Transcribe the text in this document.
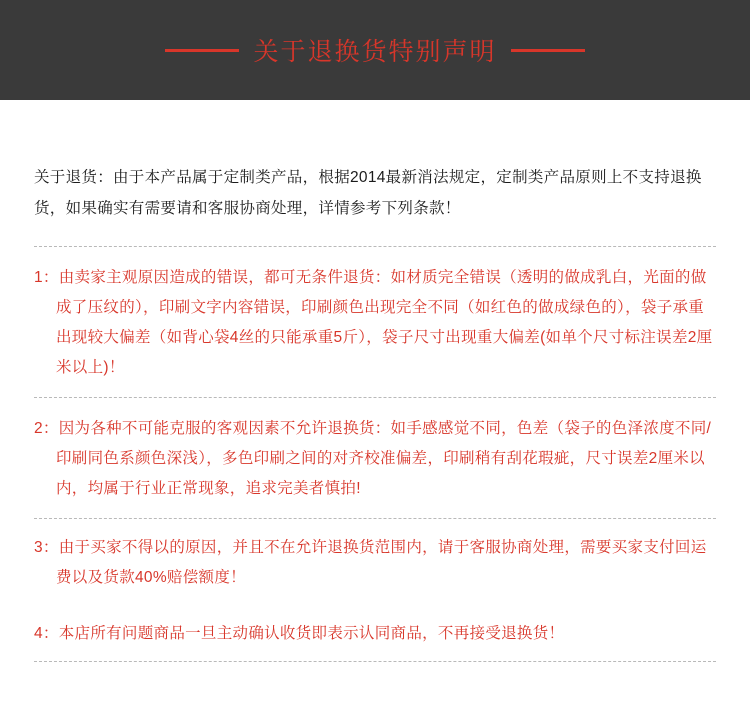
关于退换货特别声明
关于退货：由于本产品属于定制类产品，根据2014最新消法规定，定制类产品原则上不支持退换货，如果确实有需要请和客服协商处理，详情参考下列条款！
1：由卖家主观原因造成的错误，都可无条件退货：如材质完全错误（透明的做成乳白，光面的做成了压纹的），印刷文字内容错误，印刷颜色出现完全不同（如红色的做成绿色的），袋子承重出现较大偏差（如背心袋4丝的只能承重5斤），袋子尺寸出现重大偏差(如单个尺寸标注误差2厘米以上)！
2：因为各种不可能克服的客观因素不允许退换货：如手感感觉不同，色差（袋子的色泽浓度不同/印刷同色系颜色深浅），多色印刷之间的对齐校准偏差，印刷稍有刮花瑕疵，尺寸误差2厘米以内，均属于行业正常现象，追求完美者慎拍!
3：由于买家不得以的原因，并且不在允许退换货范围内，请于客服协商处理，需要买家支付回运费以及货款40%赔偿额度！
4：本店所有问题商品一旦主动确认收货即表示认同商品，不再接受退换货！
